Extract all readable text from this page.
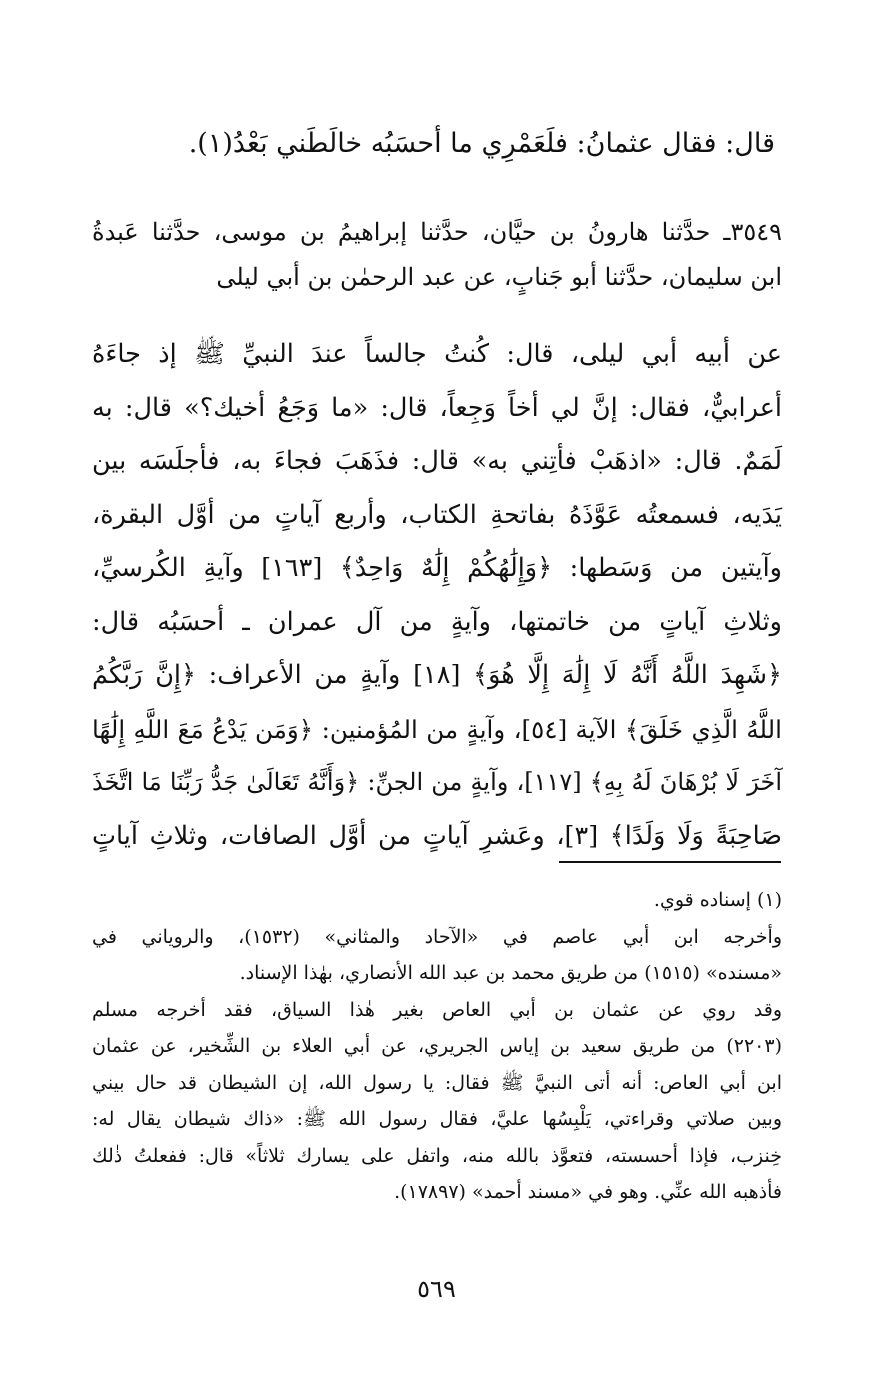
قال: فقال عثمانُ: فلَعَمْرِي ما أحسَبُه خالَطَني بَعْدُ(١).
٣٥٤٩ـ حدَّثنا هارونُ بن حيَّان، حدَّثنا إبراهيمُ بن موسى، حدَّثنا عَبدةُ
ابن سليمان، حدَّثنا أبو جَنابٍ، عن عبد الرحمٰن بن أبي ليلى
عن أبيه أبي ليلى، قال: كُنتُ جالساً عندَ النبيِّ ﷺ إذ جاءَهُ
أعرابيٌّ، فقال: إنَّ لي أخاً وَجِعاً، قال: «ما وَجَعُ أخيك؟» قال: به
لَمَمٌ. قال: «اذهَبْ فأتِني به» قال: فذَهَبَ فجاءَ به، فأجلَسَه بين
يَدَيه، فسمعتُه عَوَّذَهُ بفاتحةِ الكتاب، وأربع آياتٍ من أوَّل البقرة،
وآيتين من وَسَطها: ﴿وَإِلَٰهُكُمْ إِلَٰهٌ وَاحِدٌ﴾ [١٦٣] وآيةِ الكُرسيِّ،
وثلاثِ آياتٍ من خاتمتها، وآيةٍ من آل عمران ـ أحسَبُه قال:
﴿شَهِدَ اللَّهُ أَنَّهُ لَا إِلَٰهَ إِلَّا هُوَ﴾ [١٨] وآيةٍ من الأعراف: ﴿إِنَّ رَبَّكُمُ
اللَّهُ الَّذِي خَلَقَ﴾ الآية [٥٤]، وآيةٍ من المُؤمنين: ﴿وَمَن يَدْعُ مَعَ اللَّهِ إِلَٰهًا
آخَرَ لَا بُرْهَانَ لَهُ بِهِ﴾ [١١٧]، وآيةٍ من الجنِّ: ﴿وَأَنَّهُ تَعَالَىٰ جَدُّ رَبِّنَا مَا اتَّخَذَ
صَاحِبَةً وَلَا وَلَدًا﴾ [٣]، وعَشرِ آياتٍ من أوَّل الصافات، وثلاثِ آياتٍ
(١) إسناده قوي.
وأخرجه ابن أبي عاصم في «الآحاد والمثاني» (١٥٣٢)، والروياني في
«مسنده» (١٥١٥) من طريق محمد بن عبد الله الأنصاري، بهٰذا الإسناد.
وقد روي عن عثمان بن أبي العاص بغير هٰذا السياق، فقد أخرجه مسلم
(٢٢٠٣) من طريق سعيد بن إياس الجريري، عن أبي العلاء بن الشِّخير، عن عثمان
ابن أبي العاص: أنه أتى النبيَّ ﷺ فقال: يا رسول الله، إن الشيطان قد حال بيني
وبين صلاتي وقراءتي، يَلْبِسُها عليَّ، فقال رسول الله ﷺ: «ذاك شيطان يقال له:
خِنزب، فإذا أحسسته، فتعوَّذ بالله منه، واتفل على يسارك ثلاثاً» قال: ففعلتُ ذٰلك
فأذهبه الله عنِّي. وهو في «مسند أحمد» (١٧٨٩٧).
٥٦٩
